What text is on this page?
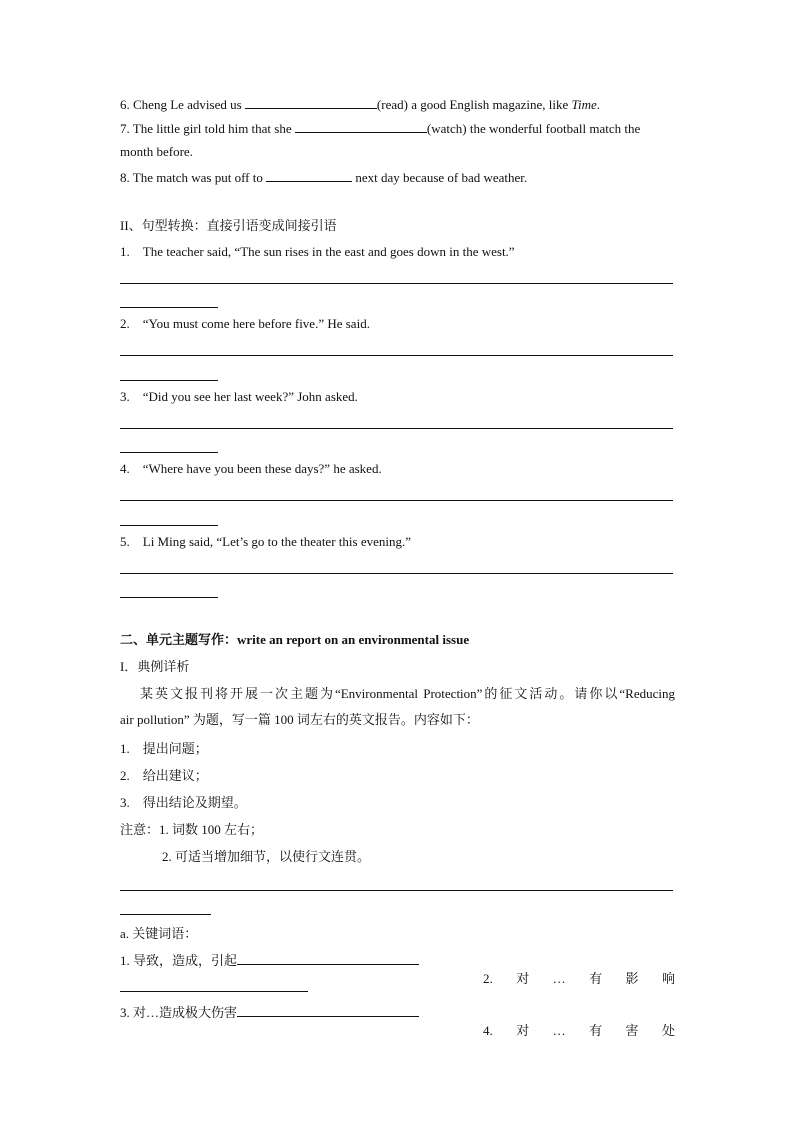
6. Cheng Le advised us	(read) a good English magazine, like Time.
7. The little girl told him that she	(watch) the wonderful football match the
month before.
8. The match was put off to	next day because of bad weather.
II、句型转换：直接引语变成间接引语
1.　The teacher said, “The sun rises in the east and goes down in the west.”
2.　“You must come here before five.” He said.
3.　“Did you see her last week?” John asked.
4.　“Where have you been these days?” he asked.
5.　Li Ming said, “Let’s go to the theater this evening.”
二、单元主题写作：write an report on an environmental issue
I．典例详析
某英文报刊将开展一次主题为“Environmental Protection”的征文活动。请你以“Reducing
air pollution” 为题，写一篇 100 词左右的英文报告。内容如下：
1.　提出问题；
2.　给出建议；
3.　得出结论及期望。
注意：1. 词数 100 左右；
2. 可适当增加细节，以使行文连贯。
a. 关键词语：
1. 导致，造成，引起
2. 对 … 有 影 响
3. 对…造成极大伤害
4. 对 … 有 害 处
